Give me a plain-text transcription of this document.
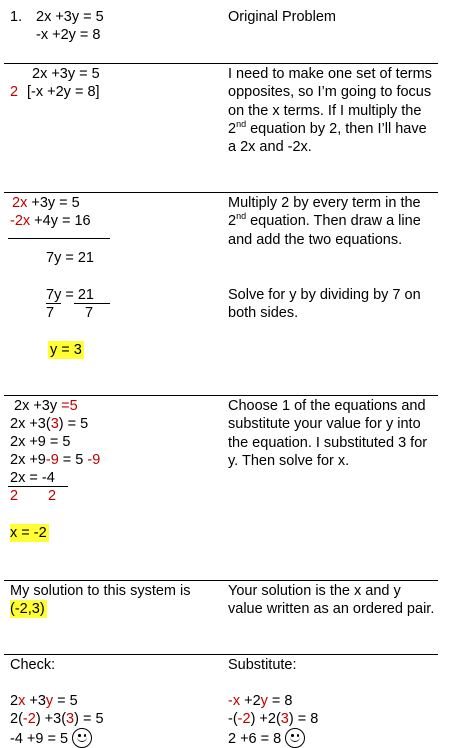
1. 2x +3y = 5
-x +2y = 8
Original Problem
2x +3y = 5
2 [-x +2y = 8]
I need to make one set of terms opposites, so I’m going to focus on the x terms. If I multiply the 2nd equation by 2, then I’ll have a 2x and -2x.
2x +3y = 5
-2x +4y = 16
7y = 21
7y = 21
7 7
y = 3
Multiply 2 by every term in the 2nd equation. Then draw a line and add the two equations.
Solve for y by dividing by 7 on both sides.
2x +3y =5
2x +3(3) = 5
2x +9 = 5
2x +9-9 = 5 -9
2x = -4
2 2
x = -2
Choose 1 of the equations and substitute your value for y into the equation. I substituted 3 for y. Then solve for x.
My solution to this system is
(-2,3)
Your solution is the x and y value written as an ordered pair.
Check:
2x +3y = 5
2(-2) +3(3) = 5
-4 +9 = 5
Substitute:
-x +2y = 8
-(-2) +2(3) = 8
2 +6 = 8
